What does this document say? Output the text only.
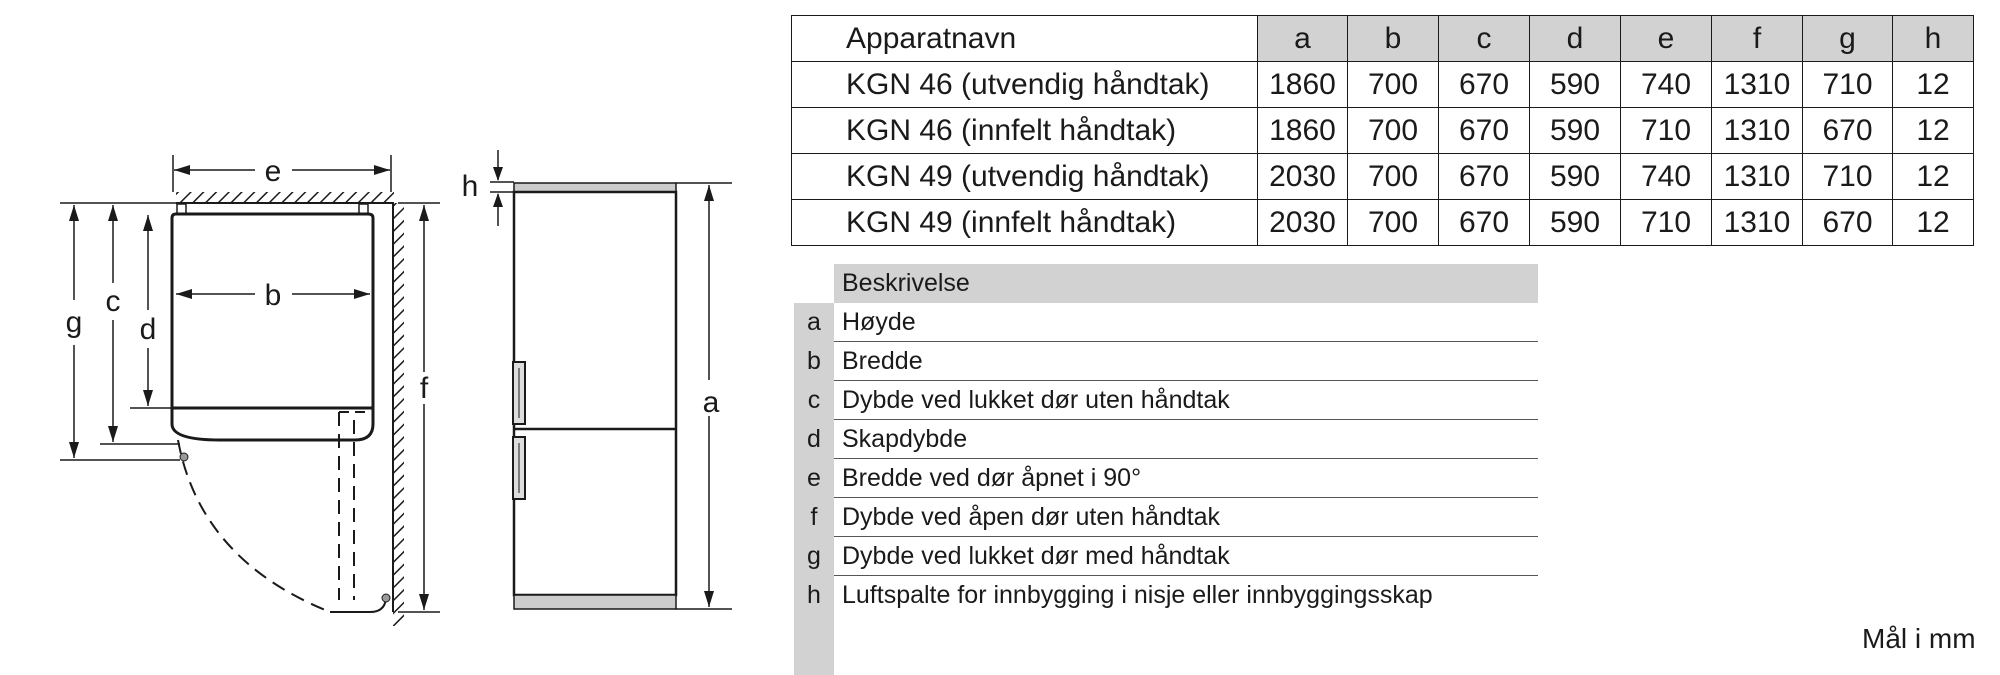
e
b
g
c
d
f
h
a
Apparatnavn	a	b	c	d	e	f	g	h
KGN 46 (utvendig håndtak)	1860	700	670	590	740	1310	710	12
KGN 46 (innfelt håndtak)	1860	700	670	590	710	1310	670	12
KGN 49 (utvendig håndtak)	2030	700	670	590	740	1310	710	12
KGN 49 (innfelt håndtak)	2030	700	670	590	710	1310	670	12
Beskrivelse
a Høyde
b Bredde
c Dybde ved lukket dør uten håndtak
d Skapdybde
e Bredde ved dør åpnet i 90°
f Dybde ved åpen dør uten håndtak
g Dybde ved lukket dør med håndtak
h Luftspalte for innbygging i nisje eller innbyggingsskap
Mål i mm
